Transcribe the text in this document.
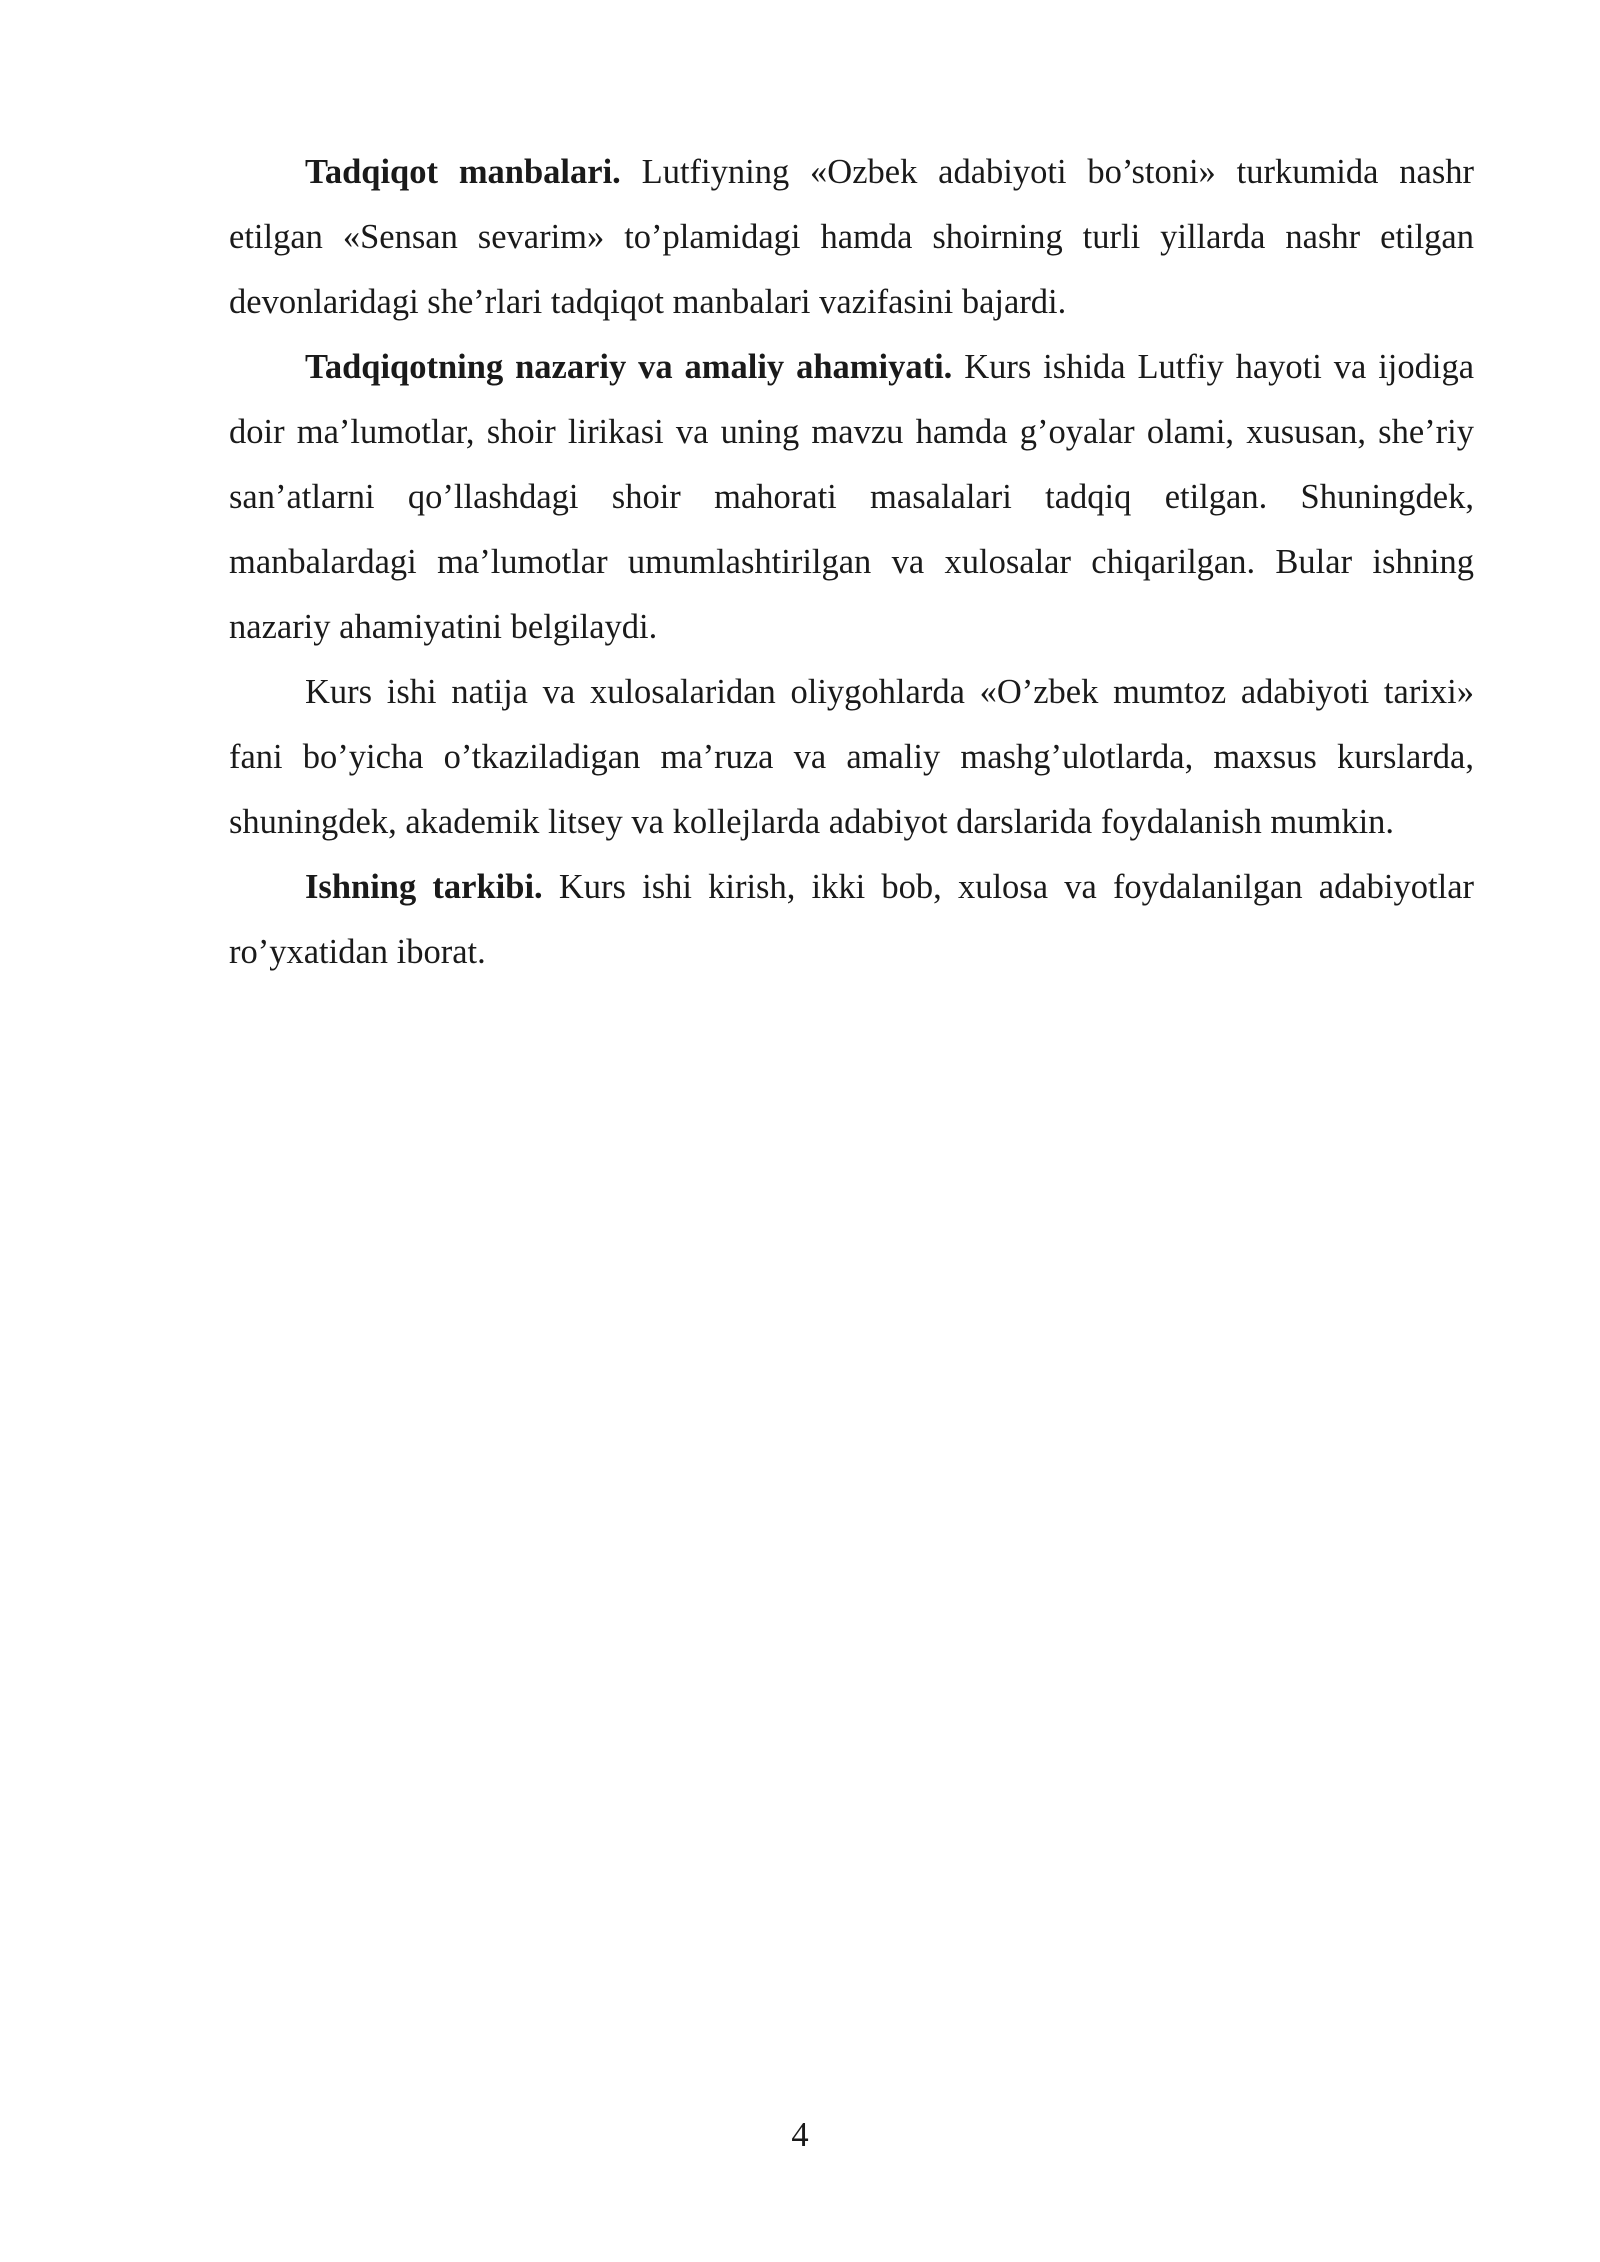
Tadqiqot manbalari. Lutfiyning «Ozbek adabiyoti bo’stoni» turkumida nashr etilgan «Sensan sevarim» to’plamidagi hamda shoirning turli yillarda nashr etilgan devonlaridagi she’rlari tadqiqot manbalari vazifasini bajardi.

Tadqiqotning nazariy va amaliy ahamiyati. Kurs ishida Lutfiy hayoti va ijodiga doir ma’lumotlar, shoir lirikasi va uning mavzu hamda g’oyalar olami, xususan, she’riy san’atlarni qo’llashdagi shoir mahorati masalalari tadqiq etilgan. Shuningdek, manbalardagi ma’lumotlar umumlashtirilgan va xulosalar chiqarilgan. Bular ishning nazariy ahamiyatini belgilaydi.

Kurs ishi natija va xulosalaridan oliygohlarda «O’zbek mumtoz adabiyoti tarixi» fani bo’yicha o’tkaziladigan ma’ruza va amaliy mashg’ulotlarda, maxsus kurslarda, shuningdek, akademik litsey va kollejlarda adabiyot darslarida foydalanish mumkin.

Ishning tarkibi. Kurs ishi kirish, ikki bob, xulosa va foydalanilgan adabiyotlar ro’yxatidan iborat.

4
